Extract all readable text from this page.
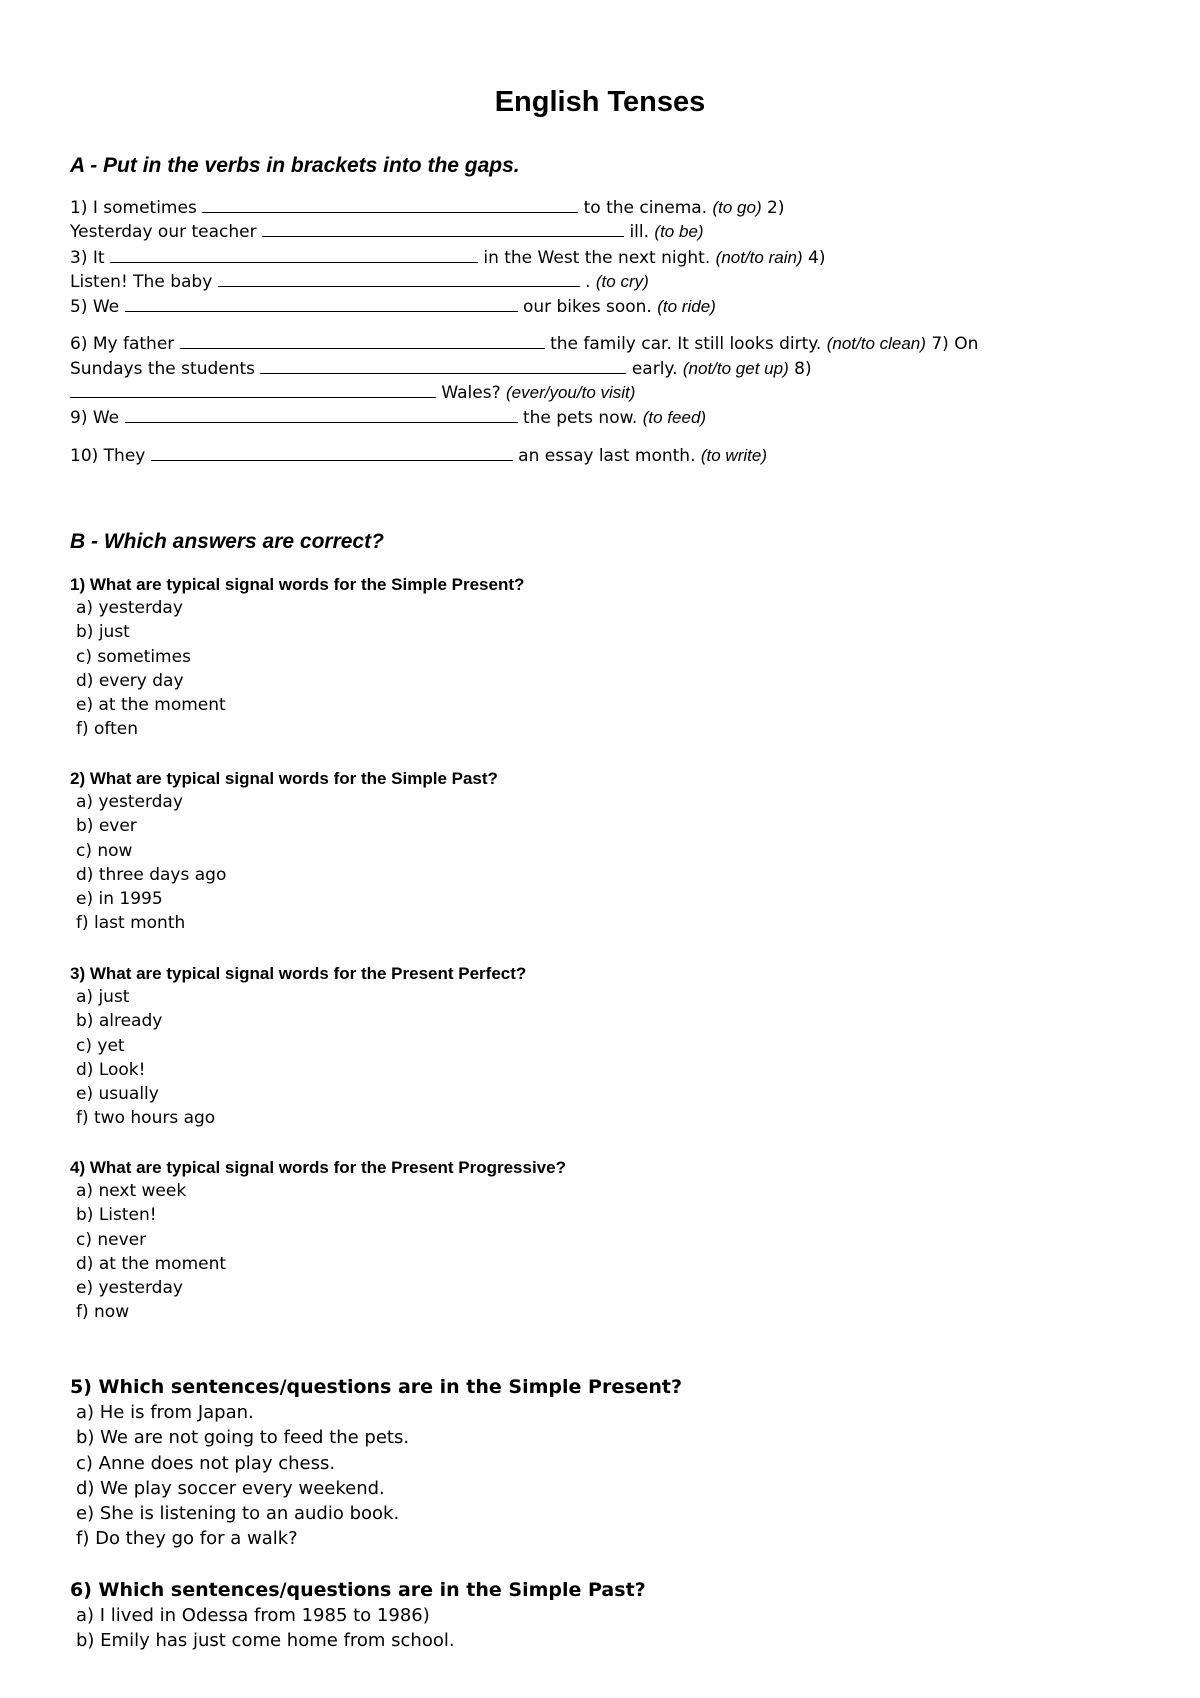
English Tenses
A - Put in the verbs in brackets into the gaps.
1) I sometimes	to the cinema. (to go) 2)
Yesterday our teacher	ill. (to be)
3) It	in the West the next night. (not/to rain) 4)
Listen! The baby	. (to cry)
5) We	our bikes soon. (to ride)
6) My father	the family car. It still looks dirty. (not/to clean) 7) On
Sundays the students	early. (not/to get up) 8)
Wales? (ever/you/to visit)
9) We	the pets now. (to feed)
10) They	an essay last month. (to write)
B - Which answers are correct?
1) What are typical signal words for the Simple Present?
a) yesterday
b) just
c) sometimes
d) every day
e) at the moment
f) often
2) What are typical signal words for the Simple Past?
a) yesterday
b) ever
c) now
d) three days ago
e) in 1995
f) last month
3) What are typical signal words for the Present Perfect?
a) just
b) already
c) yet
d) Look!
e) usually
f) two hours ago
4) What are typical signal words for the Present Progressive?
a) next week
b) Listen!
c) never
d) at the moment
e) yesterday
f) now
5) Which sentences/questions are in the Simple Present?
a) He is from Japan.
b) We are not going to feed the pets.
c) Anne does not play chess.
d) We play soccer every weekend.
e) She is listening to an audio book.
f) Do they go for a walk?
6) Which sentences/questions are in the Simple Past?
a) I lived in Odessa from 1985 to 1986)
b) Emily has just come home from school.
